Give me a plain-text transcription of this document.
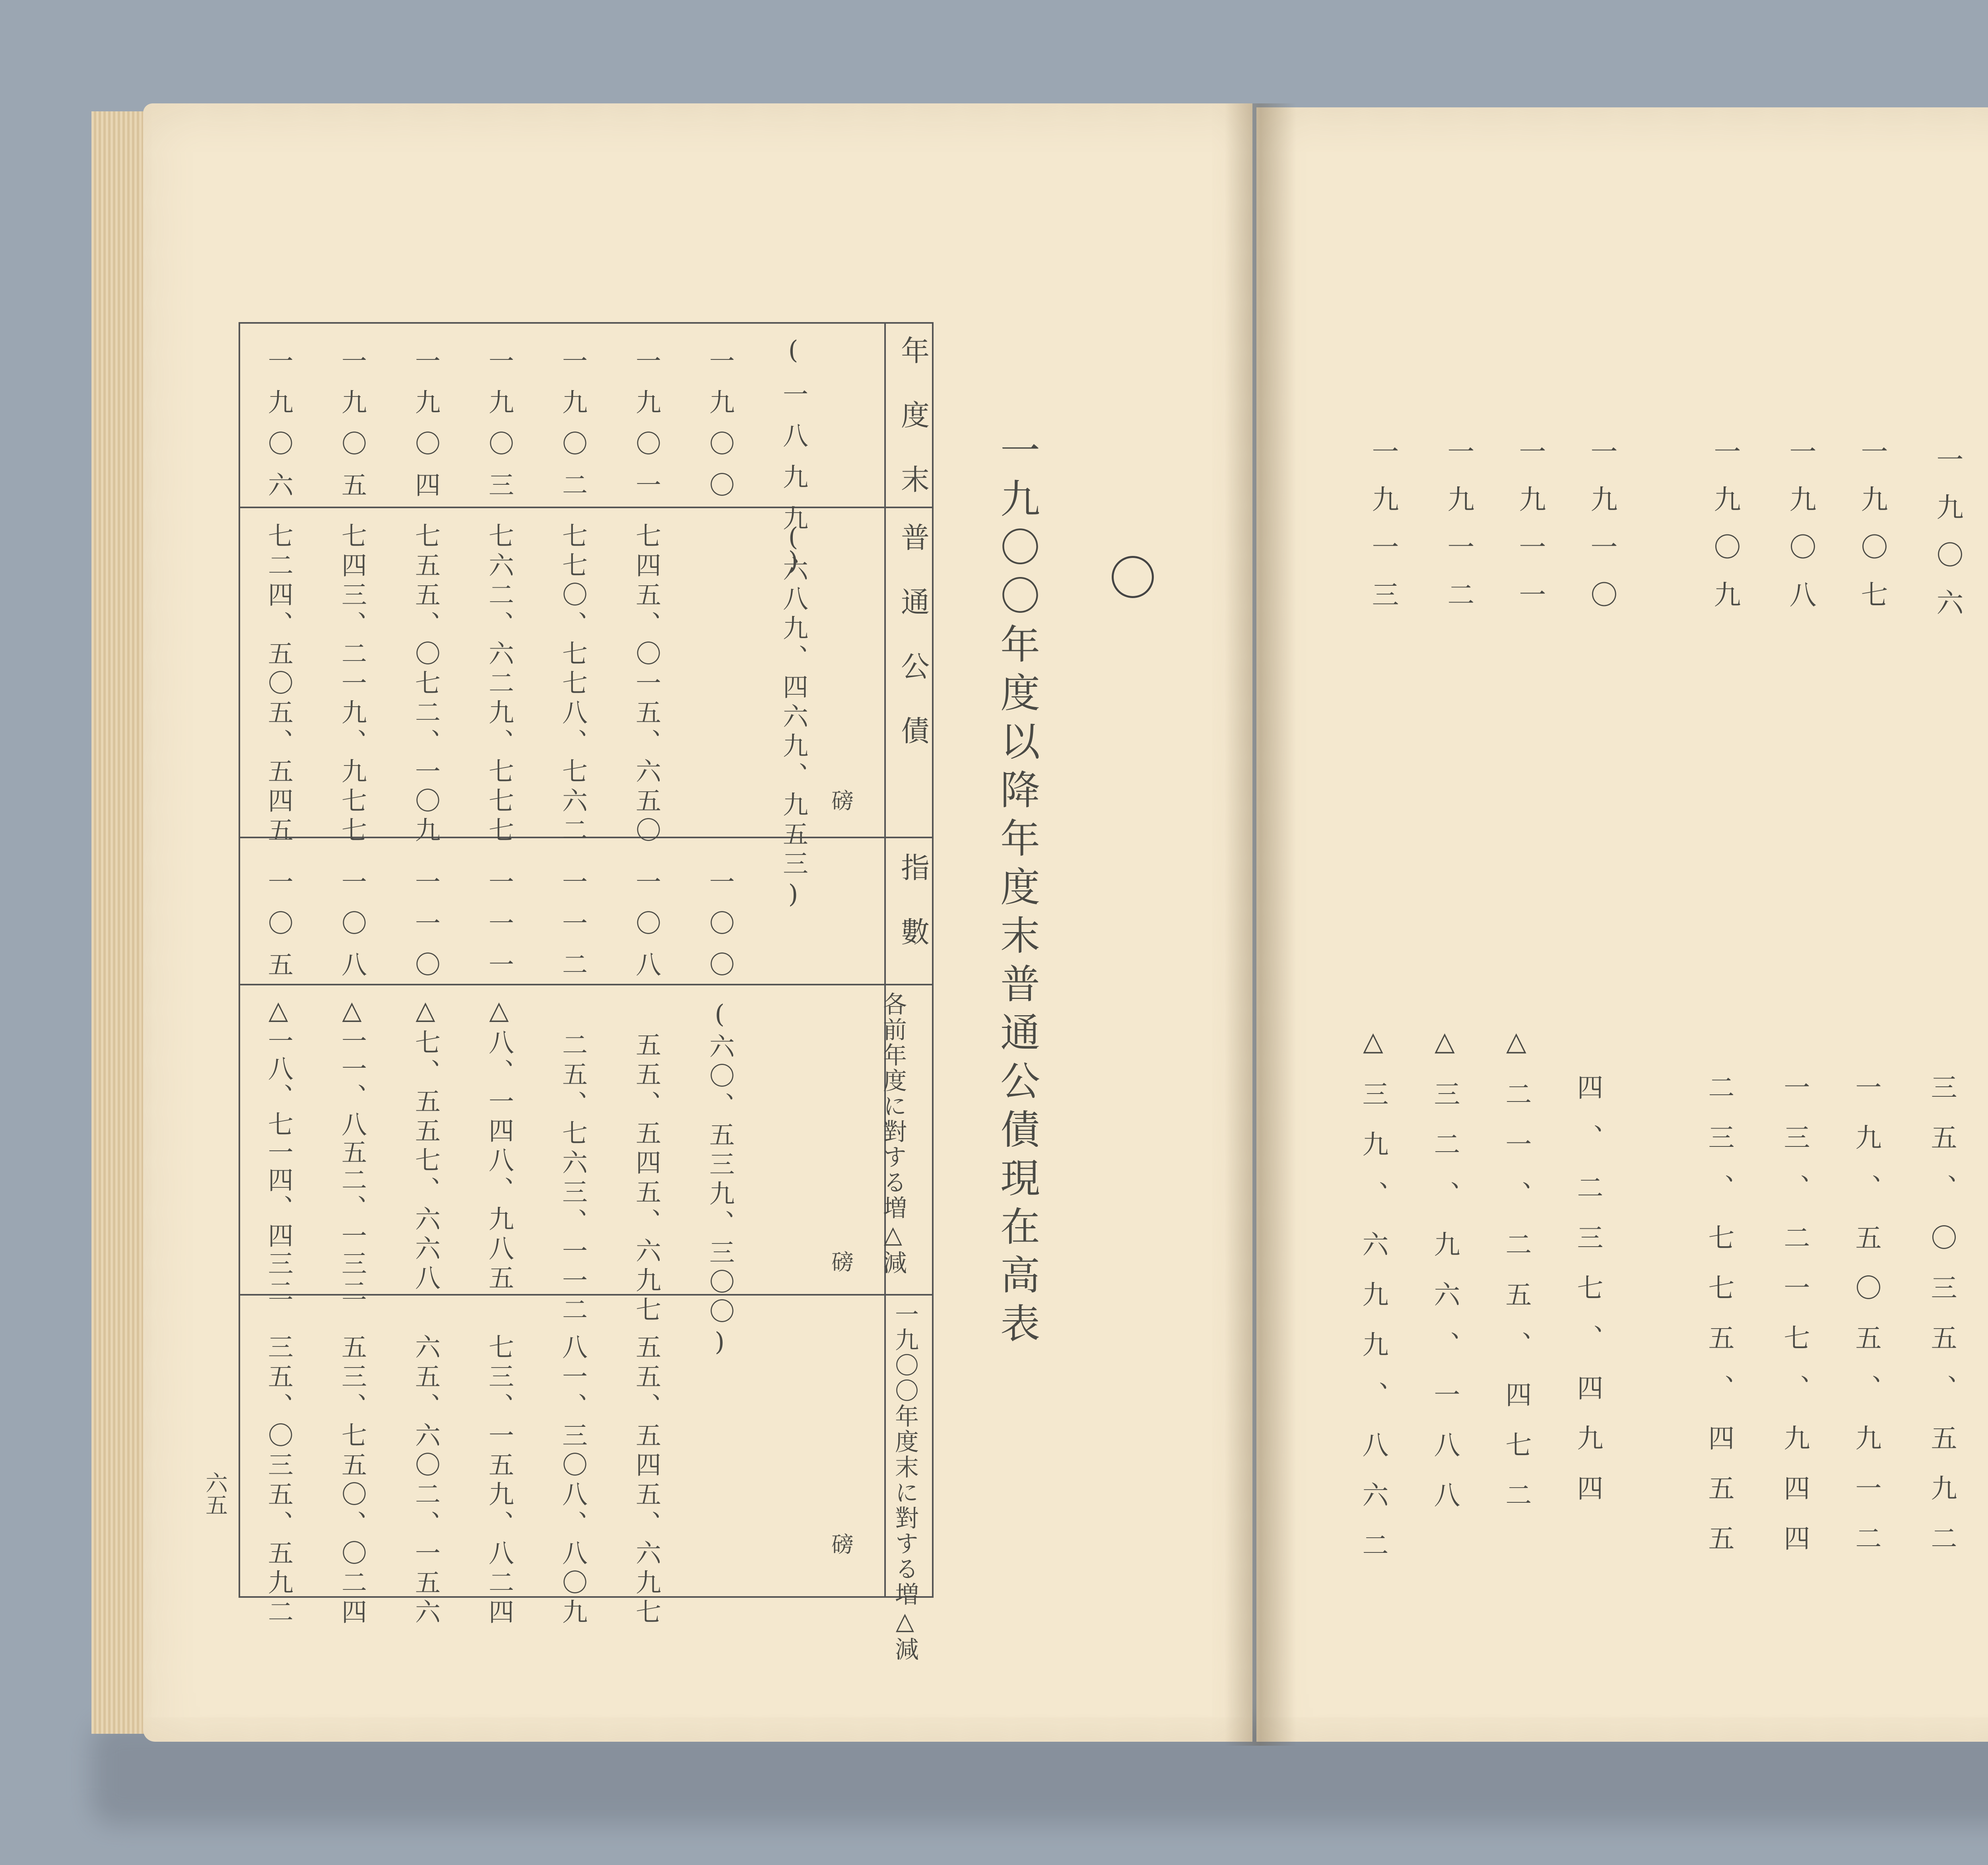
一九〇〇年度以降年度末普通公債現在高表
六五
年度末
普通公債
指數
各前年度に對する増△減
一九〇〇年度末に對する増△減
磅
磅
磅
(一八九九)
(六八九、四六九、九五三)
一九〇〇
一〇〇
(六〇、五三九、三〇〇)
一九〇一
七四五、〇一五、六五〇
一〇八
五五、五四五、六九七
五五、五四五、六九七
一九〇二
七七〇、七七八、七六二
一一二
二五、七六三、一一二
八一、三〇八、八〇九
一九〇三
七六二、六二九、七七七
一一一
△八、一四八、九八五
七三、一五九、八二四
一九〇四
七五五、〇七二、一〇九
一一〇
△七、五五七、六六八
六五、六〇二、一五六
一九〇五
七四三、二一九、九七七
一〇八
△一一、八五二、一三二
五三、七五〇、〇二四
一九〇六
七二四、五〇五、五四五
一〇五
△一八、七一四、四三二
三五、〇三五、五九二
一九〇六
一九〇七
一九〇八
一九〇九
一九一〇
一九一一
一九一二
三五、〇三五、五九二
一九、五〇五、九一二
一三、二一七、九四四
二三、七七五、四五五
四、二三七、四九四
△二一、二五、四七二
△三二、九六、一八八
△三九、六九九、八六二
一九一三
